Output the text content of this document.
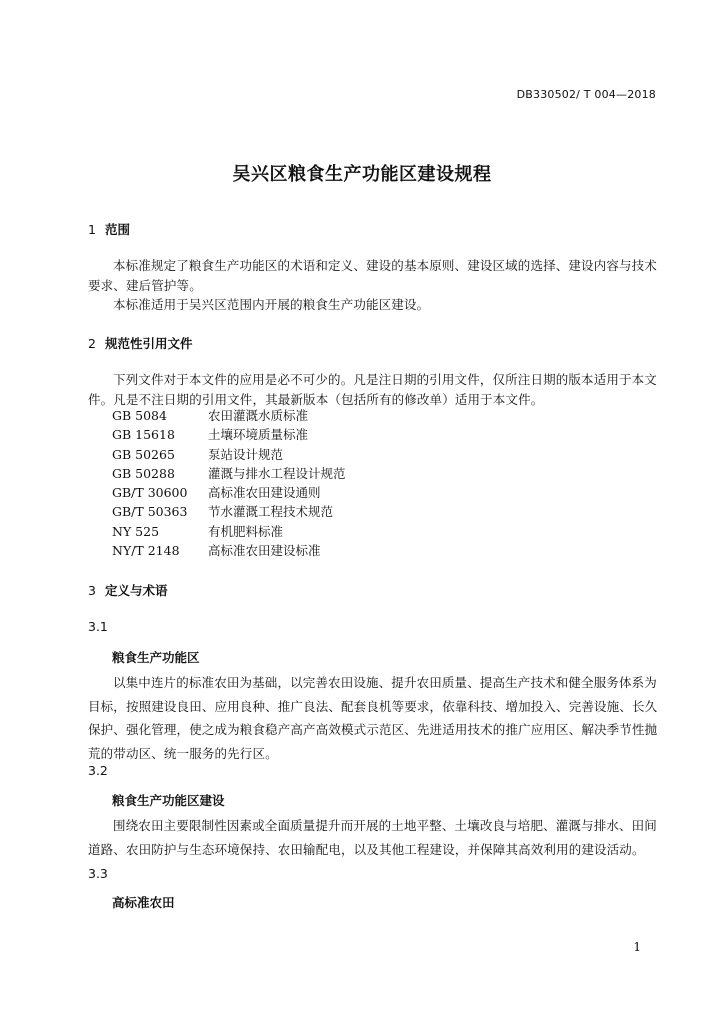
DB330502/ T 004—2018
吴兴区粮食生产功能区建设规程
1 范围

本标准规定了粮食生产功能区的术语和定义、建设的基本原则、建设区域的选择、建设内容与技术要求、建后管护等。

本标准适用于吴兴区范围内开展的粮食生产功能区建设。

2 规范性引用文件

下列文件对于本文件的应用是必不可少的。凡是注日期的引用文件，仅所注日期的版本适用于本文件。凡是不注日期的引用文件，其最新版本（包括所有的修改单）适用于本文件。

GB 5084	农田灌溉水质标准
GB 15618	土壤环境质量标准
GB 50265	泵站设计规范
GB 50288	灌溉与排水工程设计规范
GB/T 30600 高标准农田建设通则
GB/T 50363 节水灌溉工程技术规范
NY 525	有机肥料标准
NY/T 2148 高标准农田建设标准
3 定义与术语
3.1
粮食生产功能区

以集中连片的标准农田为基础，以完善农田设施、提升农田质量、提高生产技术和健全服务体系为目标，按照建设良田、应用良种、推广良法、配套良机等要求，依靠科技、增加投入、完善设施、长久保护、强化管理，使之成为粮食稳产高产高效模式示范区、先进适用技术的推广应用区、解决季节性抛荒的带动区、统一服务的先行区。

3.2
粮食生产功能区建设

围绕农田主要限制性因素或全面质量提升而开展的土地平整、土壤改良与培肥、灌溉与排水、田间道路、农田防护与生态环境保持、农田输配电，以及其他工程建设，并保障其高效利用的建设活动。

3.3
高标准农田
1
